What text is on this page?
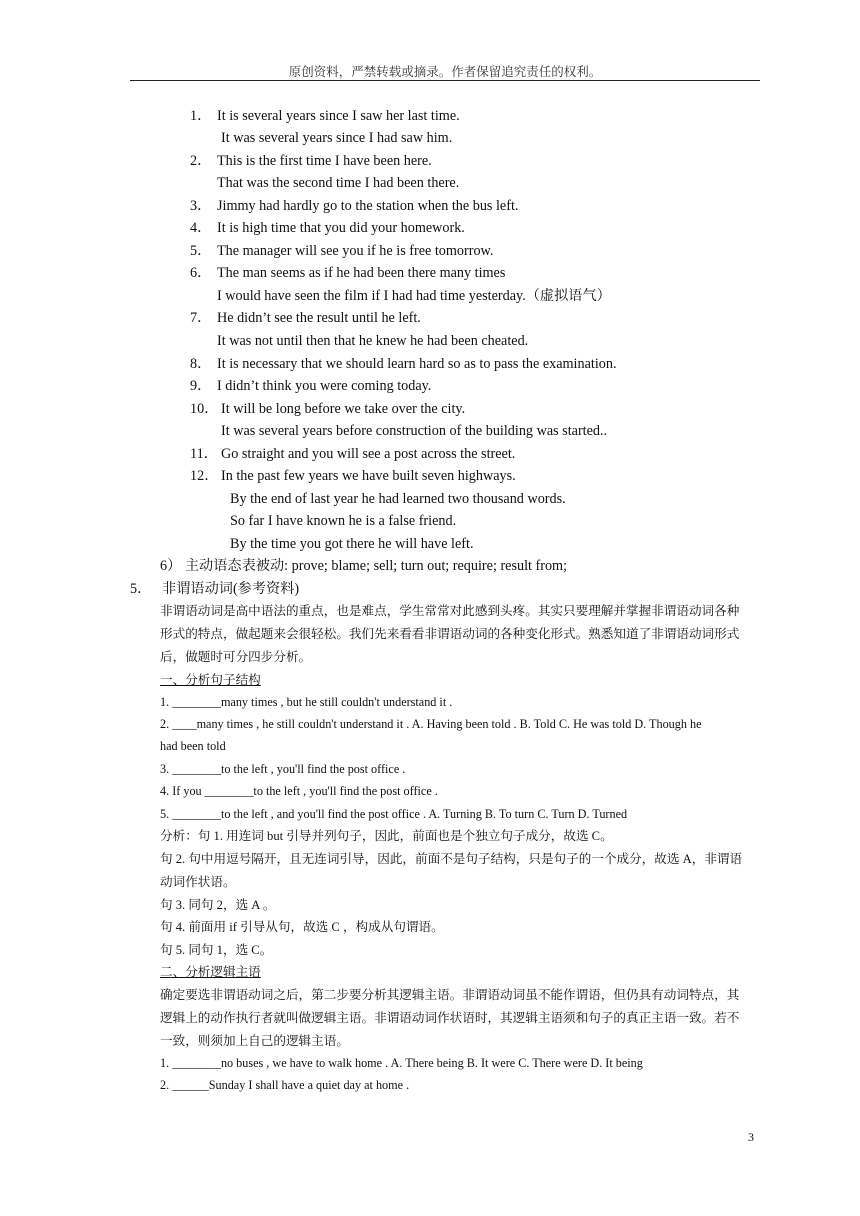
原创资料，严禁转载或摘录。作者保留追究责任的权利。
1． It is several years since I saw her last time.
It was several years since I had saw him.
2． This is the first time I have been here.
That was the second time I had been there.
3． Jimmy had hardly go to the station when the bus left.
4． It is high time that you did your homework.
5． The manager will see you if he is free tomorrow.
6． The man seems as if he had been there many times
I would have seen the film if I had had time yesterday.（虚拟语气）
7． He didn’t see the result until he left.
It was not until then that he knew he had been cheated.
8． It is necessary that we should learn hard so as to pass the examination.
9． I didn’t think you were coming today.
10． It will be long before we take over the city.
It was several years before construction of the building was started..
11． Go straight and you will see a post across the street.
12． In the past few years we have built seven highways.
By the end of last year he had learned two thousand words.
So far I have known he is a false friend.
By the time you got there he will have left.
6） 主动语态表被动: prove; blame; sell; turn out; require; result from;
5． 非谓语动词(参考资料)
非谓语动词是高中语法的重点，也是难点，学生常常对此感到头疼。其实只要理解并掌握非谓语动词各种
形式的特点，做起题来会很轻松。我们先来看看非谓语动词的各种变化形式。熟悉知道了非谓语动词形式
后，做题时可分四步分析。
一、分析句子结构
1. ________many times , but he still couldn't understand it .
2. ____many times , he still couldn't understand it . A. Having been told . B. Told C. He was told D. Though he
had been told
3. ________to the left , you'll find the post office .
4. If you ________to the left , you'll find the post office .
5. ________to the left , and you'll find the post office . A. Turning B. To turn C. Turn D. Turned
分析：句 1. 用连词 but 引导并列句子，因此，前面也是个独立句子成分，故选 C。
句 2. 句中用逗号隔开，且无连词引导，因此，前面不是句子结构，只是句子的一个成分，故选 A，非谓语
动词作状语。
句 3. 同句 2，选 A 。
句 4. 前面用 if 引导从句，故选 C ，构成从句谓语。
句 5. 同句 1，选 C。
二、分析逻辑主语
确定要选非谓语动词之后，第二步要分析其逻辑主语。非谓语动词虽不能作谓语，但仍具有动词特点，其
逻辑上的动作执行者就叫做逻辑主语。非谓语动词作状语时，其逻辑主语须和句子的真正主语一致。若不
一致，则须加上自己的逻辑主语。
1. ________no buses , we have to walk home . A. There being B. It were C. There were D. It being
2. ______Sunday I shall have a quiet day at home .
3
